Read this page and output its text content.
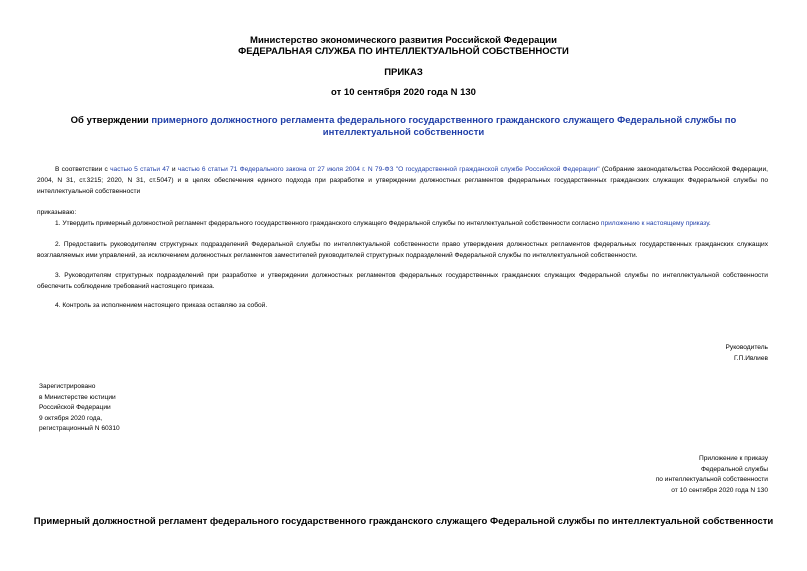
Министерство экономического развития Российской Федерации
ФЕДЕРАЛЬНАЯ СЛУЖБА ПО ИНТЕЛЛЕКТУАЛЬНОЙ СОБСТВЕННОСТИ
ПРИКАЗ
от 10 сентября 2020 года N 130
Об утверждении примерного должностного регламента федерального государственного гражданского служащего Федеральной службы по интеллектуальной собственности
В соответствии с частью 5 статьи 47 и частью 6 статьи 71 Федерального закона от 27 июля 2004 г. N 79-ФЗ "О государственной гражданской службе Российской Федерации" (Собрание законодательства Российской Федерации, 2004, N 31, ст.3215; 2020, N 31, ст.5047) и в целях обеспечения единого подхода при разработке и утверждении должностных регламентов федеральных государственных гражданских служащих Федеральной службы по интеллектуальной собственности
приказываю:
1. Утвердить примерный должностной регламент федерального государственного гражданского служащего Федеральной службы по интеллектуальной собственности согласно приложению к настоящему приказу.
2. Предоставить руководителям структурных подразделений Федеральной службы по интеллектуальной собственности право утверждения должностных регламентов федеральных государственных гражданских служащих возглавляемых ими управлений, за исключением должностных регламентов заместителей руководителей структурных подразделений Федеральной службы по интеллектуальной собственности.
3. Руководителям структурных подразделений при разработке и утверждении должностных регламентов федеральных государственных гражданских служащих Федеральной службы по интеллектуальной собственности обеспечить соблюдение требований настоящего приказа.
4. Контроль за исполнением настоящего приказа оставляю за собой.
Руководитель
Г.П.Ивлиев
Зарегистрировано
в Министерстве юстиции
Российской Федерации
9 октября 2020 года,
регистрационный N 60310
Приложение к приказу
Федеральной службы
по интеллектуальной собственности
от 10 сентября 2020 года N 130
Примерный должностной регламент федерального государственного гражданского служащего Федеральной службы по интеллектуальной собственности
